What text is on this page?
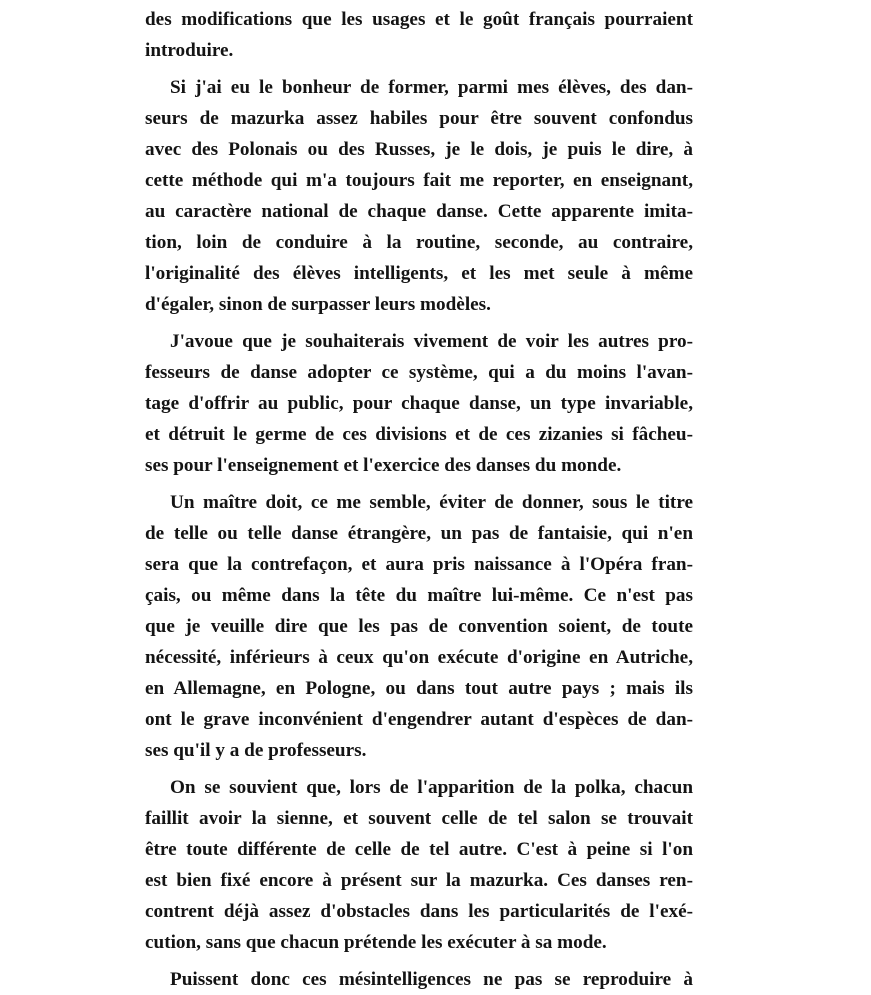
des modifications que les usages et le goût français pourraient
introduire.
Si j'ai eu le bonheur de former, parmi mes élèves, des dan-
seurs de mazurka assez habiles pour être souvent confondus
avec des Polonais ou des Russes, je le dois, je puis le dire, à
cette méthode qui m'a toujours fait me reporter, en enseignant,
au caractère national de chaque danse. Cette apparente imita-
tion, loin de conduire à la routine, seconde, au contraire,
l'originalité des élèves intelligents, et les met seule à même
d'égaler, sinon de surpasser leurs modèles.
J'avoue que je souhaiterais vivement de voir les autres pro-
fesseurs de danse adopter ce système, qui a du moins l'avan-
tage d'offrir au public, pour chaque danse, un type invariable,
et détruit le germe de ces divisions et de ces zizanies si fâcheu-
ses pour l'enseignement et l'exercice des danses du monde.
Un maître doit, ce me semble, éviter de donner, sous le titre
de telle ou telle danse étrangère, un pas de fantaisie, qui n'en
sera que la contrefaçon, et aura pris naissance à l'Opéra fran-
çais, ou même dans la tête du maître lui-même. Ce n'est pas
que je veuille dire que les pas de convention soient, de toute
nécessité, inférieurs à ceux qu'on exécute d'origine en Autriche,
en Allemagne, en Pologne, ou dans tout autre pays ; mais ils
ont le grave inconvénient d'engendrer autant d'espèces de dan-
ses qu'il y a de professeurs.
On se souvient que, lors de l'apparition de la polka, chacun
faillit avoir la sienne, et souvent celle de tel salon se trouvait
être toute différente de celle de tel autre. C'est à peine si l'on
est bien fixé encore à présent sur la mazurka. Ces danses ren-
contrent déjà assez d'obstacles dans les particularités de l'exé-
cution, sans que chacun prétende les exécuter à sa mode.
Puissent donc ces mésintelligences ne pas se reproduire à
